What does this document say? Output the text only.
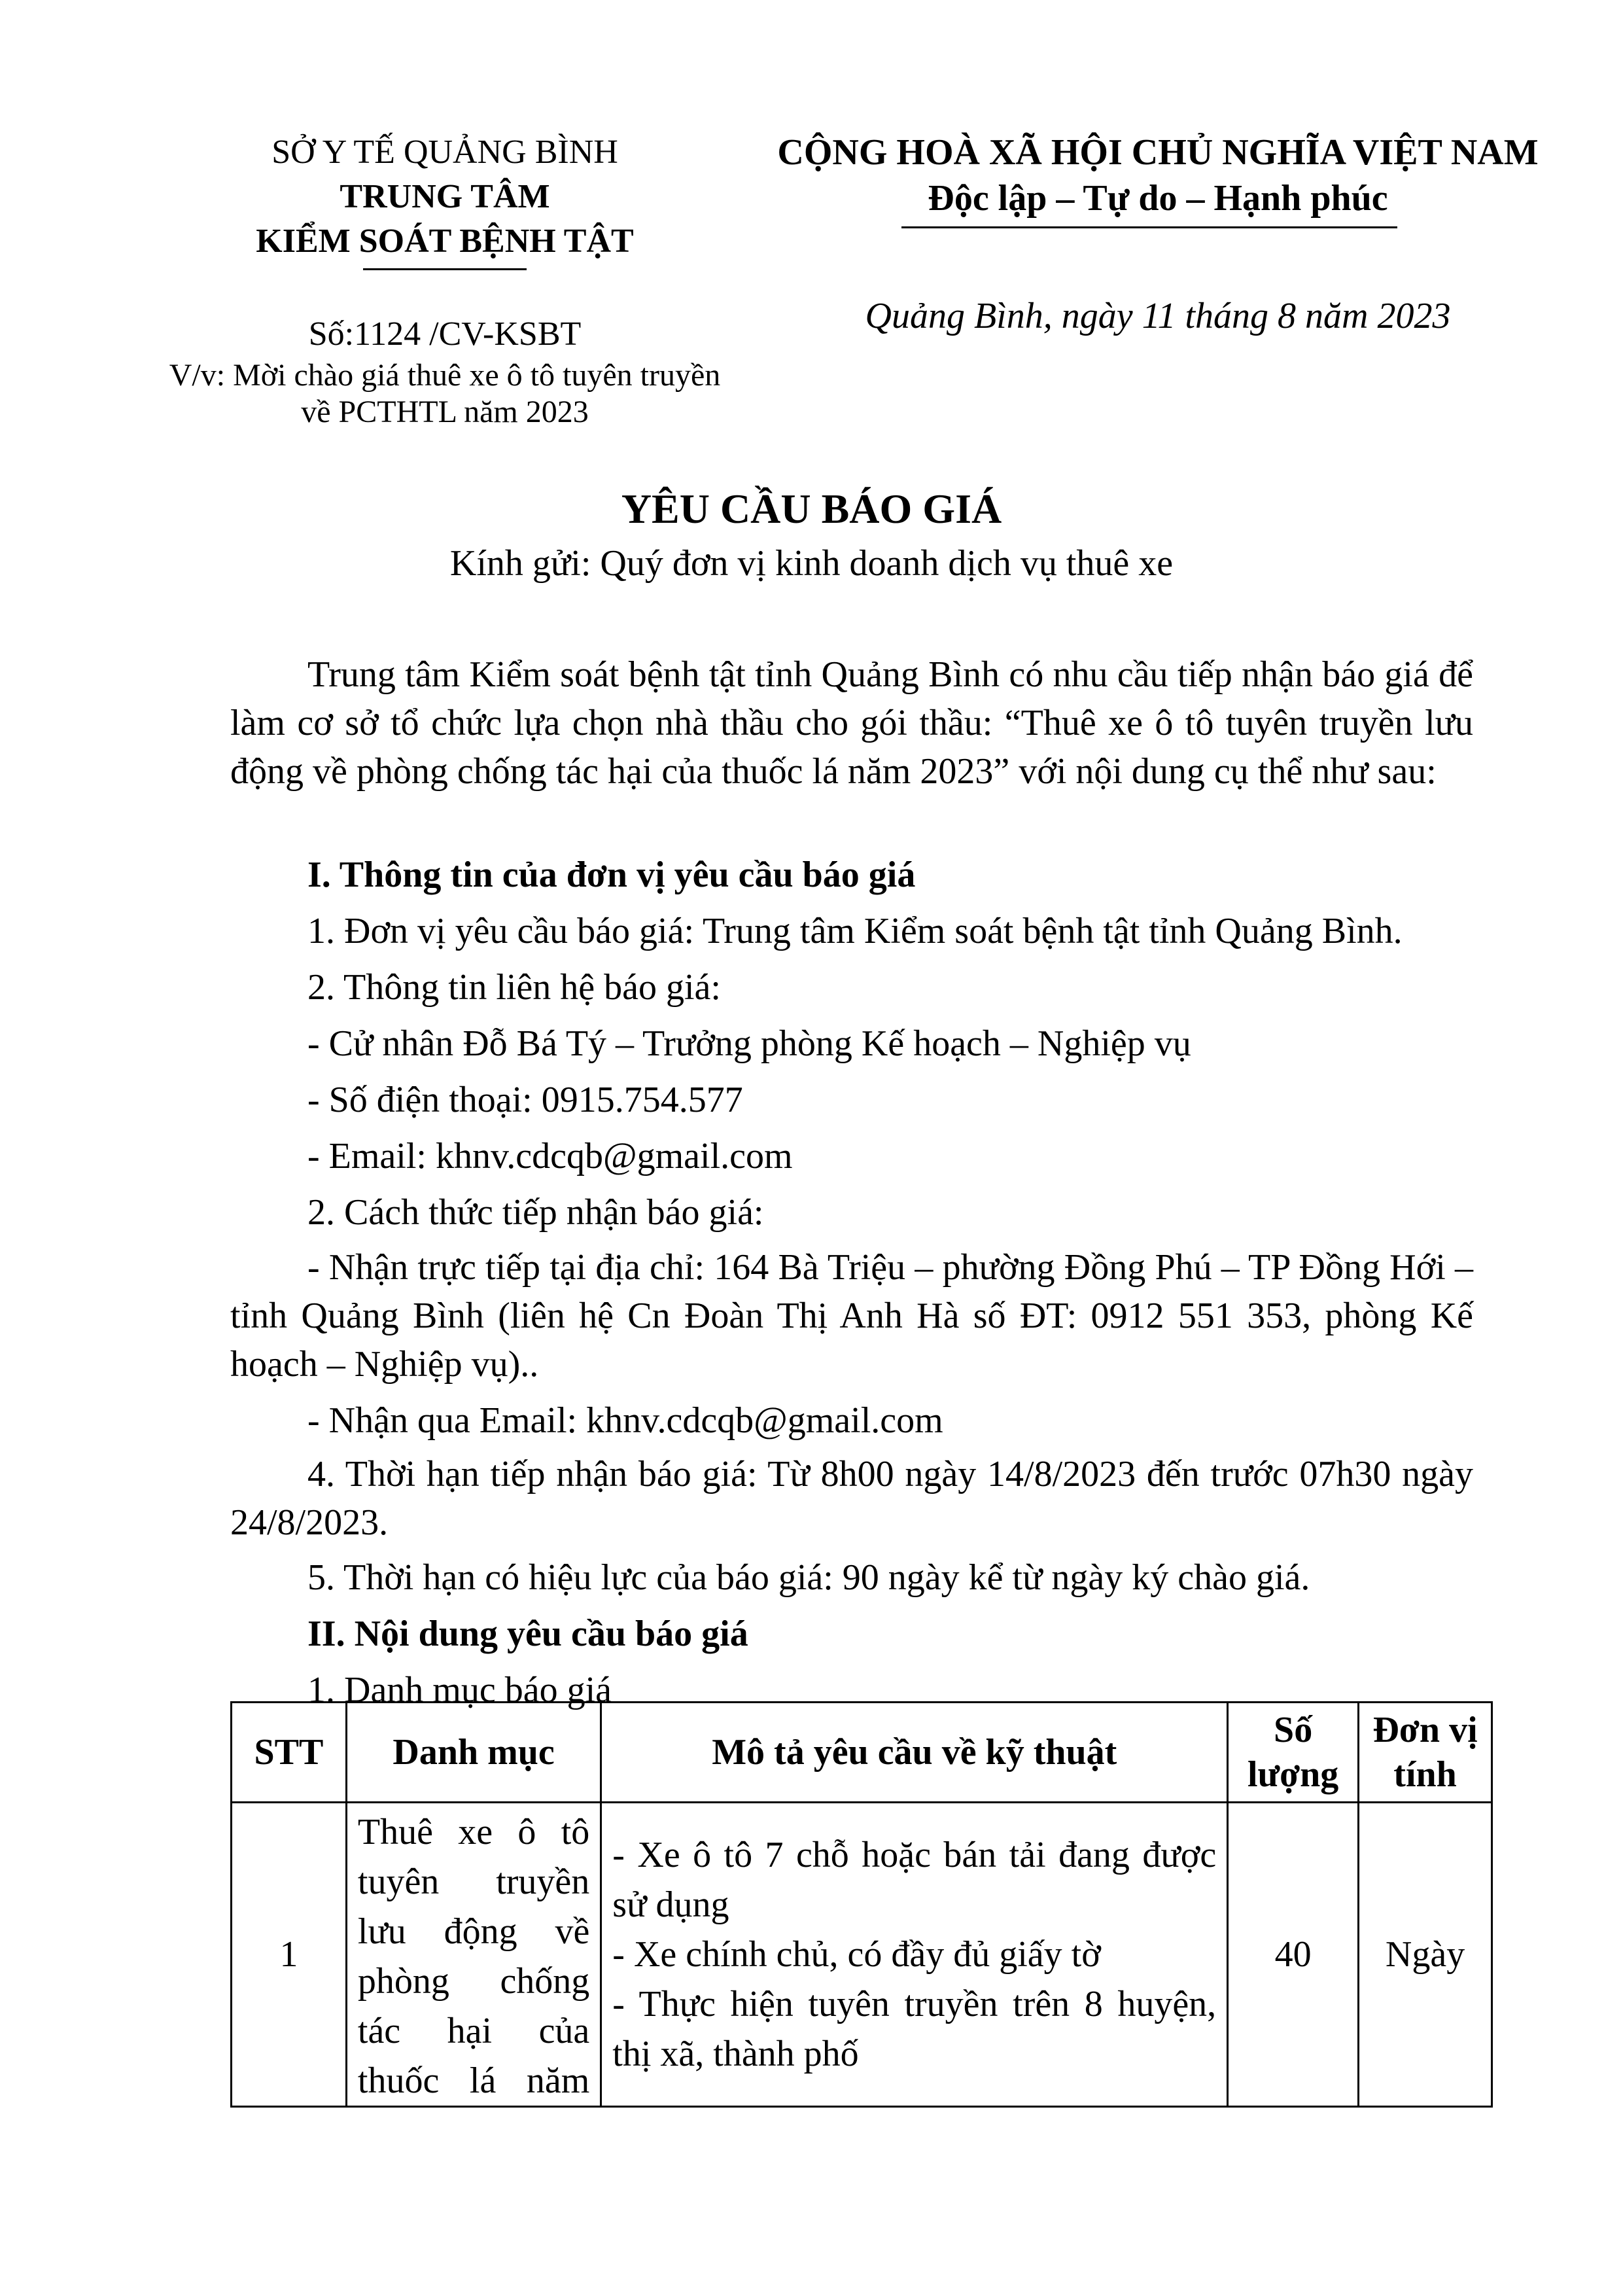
SỞ Y TẾ QUẢNG BÌNH
TRUNG TÂM
KIỂM SOÁT BỆNH TẬT
Số:1124 /CV-KSBT
V/v: Mời chào giá thuê xe ô tô tuyên truyền
về PCTHTL năm 2023
CỘNG HOÀ XÃ HỘI CHỦ NGHĨA VIỆT NAM
Độc lập – Tự do – Hạnh phúc
Quảng Bình, ngày 11 tháng 8 năm 2023
YÊU CẦU BÁO GIÁ
Kính gửi: Quý đơn vị kinh doanh dịch vụ thuê xe
Trung tâm Kiểm soát bệnh tật tỉnh Quảng Bình có nhu cầu tiếp nhận báo giá để làm cơ sở tổ chức lựa chọn nhà thầu cho gói thầu: “Thuê xe ô tô tuyên truyền lưu động về phòng chống tác hại của thuốc lá năm 2023” với nội dung cụ thể như sau:
I. Thông tin của đơn vị yêu cầu báo giá
1. Đơn vị yêu cầu báo giá: Trung tâm Kiểm soát bệnh tật tỉnh Quảng Bình.
2. Thông tin liên hệ báo giá:
- Cử nhân Đỗ Bá Tý – Trưởng phòng Kế hoạch – Nghiệp vụ
- Số điện thoại: 0915.754.577
- Email: khnv.cdcqb@gmail.com
2. Cách thức tiếp nhận báo giá:
- Nhận trực tiếp tại địa chỉ: 164 Bà Triệu – phường Đồng Phú – TP Đồng Hới – tỉnh Quảng Bình (liên hệ Cn Đoàn Thị Anh Hà số ĐT: 0912 551 353, phòng Kế hoạch – Nghiệp vụ)..
- Nhận qua Email: khnv.cdcqb@gmail.com
4. Thời hạn tiếp nhận báo giá: Từ 8h00 ngày 14/8/2023 đến trước 07h30 ngày 24/8/2023.
5. Thời hạn có hiệu lực của báo giá: 90 ngày kể từ ngày ký chào giá.
II. Nội dung yêu cầu báo giá
1. Danh mục báo giá
STT	Danh mục	Mô tả yêu cầu về kỹ thuật	Số lượng	Đơn vị tính
1	Thuê xe ô tô tuyên truyền lưu động về phòng chống tác hại của thuốc lá năm	- Xe ô tô 7 chỗ hoặc bán tải đang được sử dụng
- Xe chính chủ, có đầy đủ giấy tờ
- Thực hiện tuyên truyền trên 8 huyện, thị xã, thành phố	40	Ngày
